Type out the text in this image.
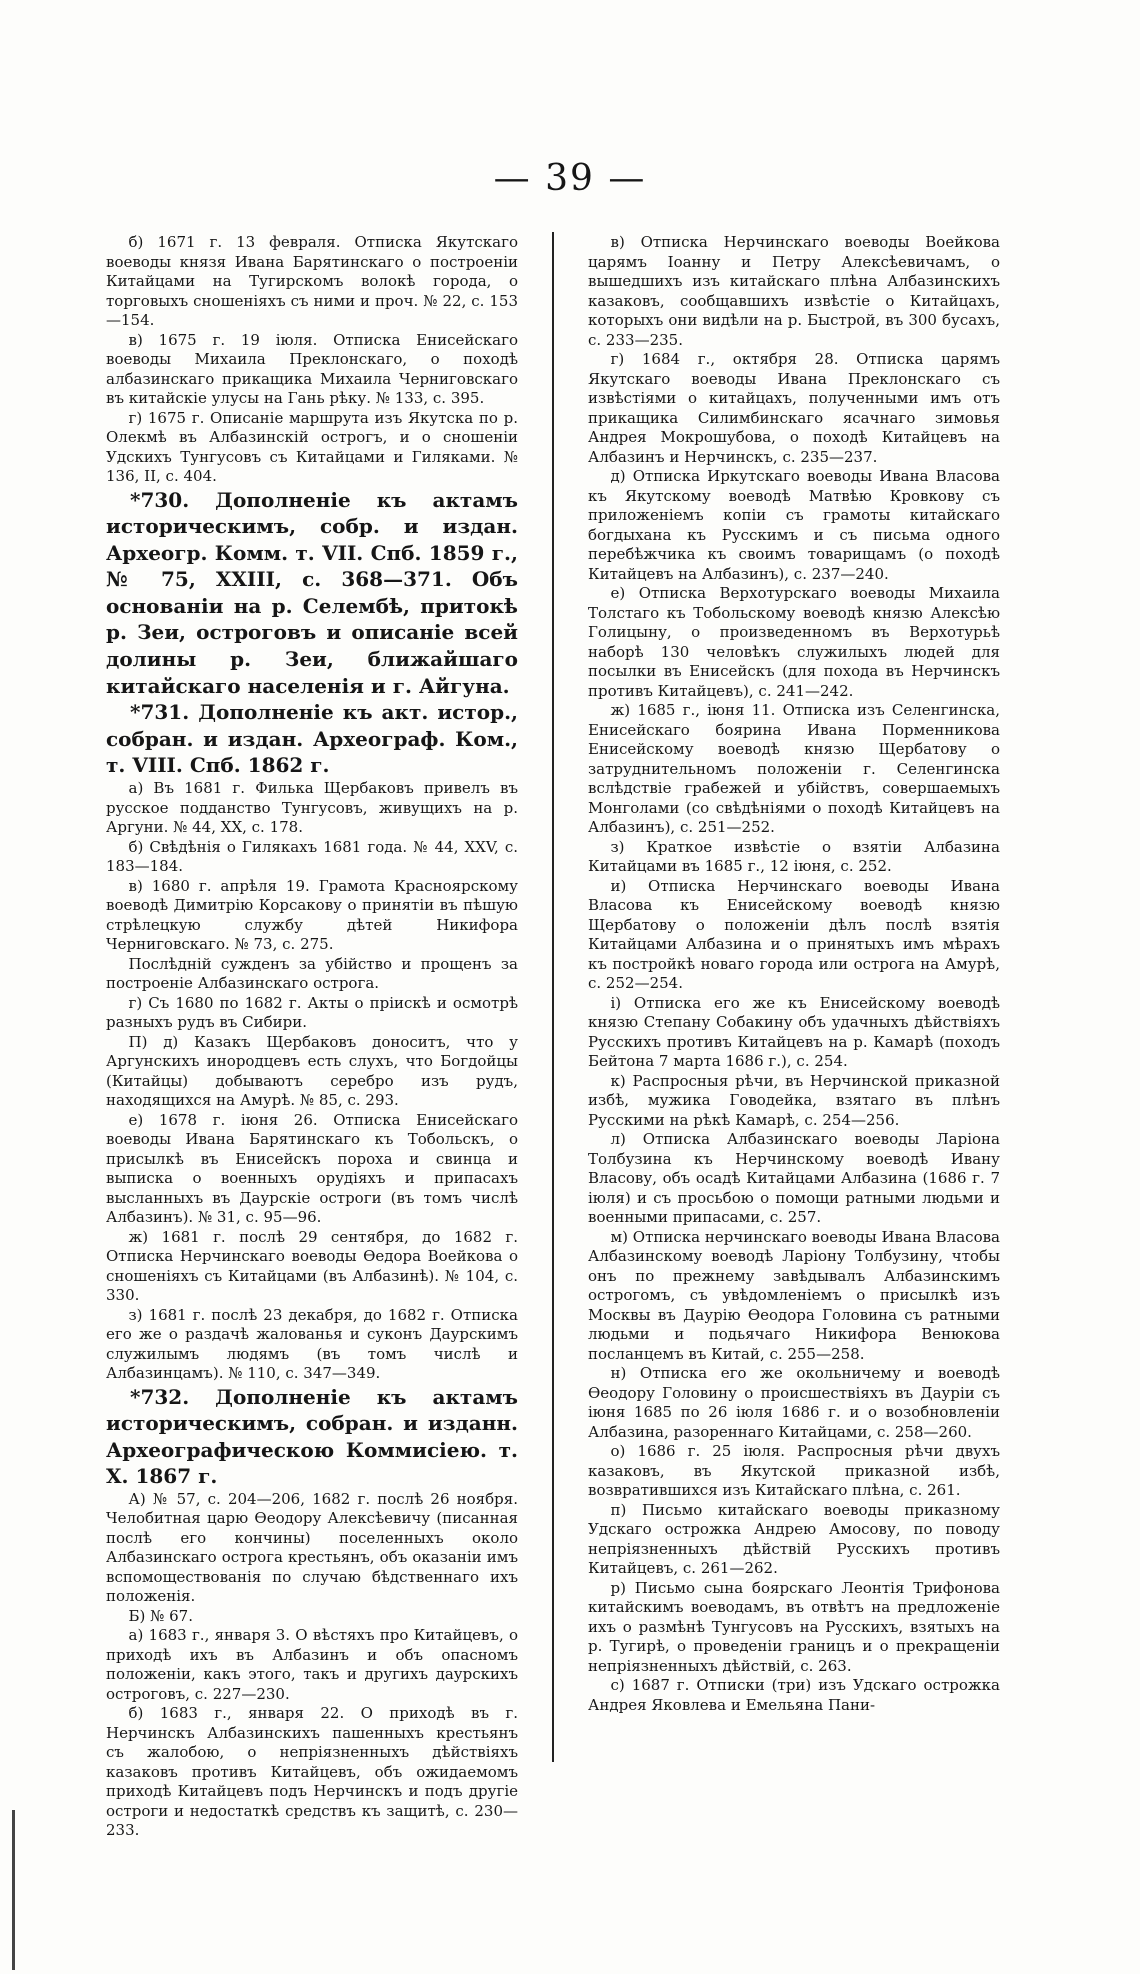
— 39 —

б) 1671 г. 13 февраля. Отписка Якутскаго воеводы князя Ивана Барятинскаго о построеніи Китайцами на Тугирскомъ волокѣ города, о торговыхъ сношеніяхъ съ ними и проч. № 22, с. 153—154.

в) 1675 г. 19 іюля. Отписка Енисейскаго воеводы Михаила Преклонскаго, о походѣ албазинскаго прикащика Михаила Черниговскаго въ китайскіе улусы на Гань рѣку. № 133, с. 395.

г) 1675 г. Описаніе маршрута изъ Якутска по р. Олекмѣ въ Албазинскій острогъ, и о сношеніи Удскихъ Тунгусовъ съ Китайцами и Гиляками. № 136, II, с. 404.

*730. Дополненіе къ актамъ историческимъ, собр. и издан. Археогр. Комм. т. VII. Спб. 1859 г., № 75, XXIII, с. 368—371. Объ основаніи на р. Селембѣ, притокѣ р. Зеи, остроговъ и описаніе всей долины р. Зеи, ближайшаго китайскаго населенія и г. Айгуна.

*731. Дополненіе къ акт. истор., собран. и издан. Археограф. Ком., т. VIII. Спб. 1862 г.

а) Въ 1681 г. Филька Щербаковъ привелъ въ русское подданство Тунгусовъ, живущихъ на р. Аргуни. № 44, XX, с. 178.

б) Свѣдѣнія о Гилякахъ 1681 года. № 44, XXV, с. 183—184.

в) 1680 г. апрѣля 19. Грамота Красноярскому воеводѣ Димитрію Корсакову о принятіи въ пѣшую стрѣлецкую службу дѣтей Никифора Черниговскаго. № 73, с. 275.

Послѣдній сужденъ за убійство и прощенъ за построеніе Албазинскаго острога.

г) Съ 1680 по 1682 г. Акты о пріискѣ и осмотрѣ разныхъ рудъ въ Сибири.

П) д) Казакъ Щербаковъ доноситъ, что у Аргунскихъ инородцевъ есть слухъ, что Богдойцы (Китайцы) добываютъ серебро изъ рудъ, находящихся на Амурѣ. № 85, с. 293.

е) 1678 г. іюня 26. Отписка Енисейскаго воеводы Ивана Барятинскаго къ Тобольскъ, о присылкѣ въ Енисейскъ пороха и свинца и выписка о военныхъ орудіяхъ и припасахъ высланныхъ въ Даурскіе остроги (въ томъ числѣ Албазинъ). № 31, с. 95—96.

ж) 1681 г. послѣ 29 сентября, до 1682 г. Отписка Нерчинскаго воеводы Ѳедора Воейкова о сношеніяхъ съ Китайцами (въ Албазинѣ). № 104, с. 330.

з) 1681 г. послѣ 23 декабря, до 1682 г. Отписка его же о раздачѣ жалованья и суконъ Даурскимъ служилымъ людямъ (въ томъ числѣ и Албазинцамъ). № 110, с. 347—349.

*732. Дополненіе къ актамъ историческимъ, собран. и изданн. Археографическою Коммисіею. т. X. 1867 г.

А) № 57, с. 204—206, 1682 г. послѣ 26 ноября. Челобитная царю Ѳеодору Алексѣевичу (писанная послѣ его кончины) поселенныхъ около Албазинскаго острога крестьянъ, объ оказаніи имъ вспомоществованія по случаю бѣдственнаго ихъ положенія.

Б) № 67.

а) 1683 г., января 3. О вѣстяхъ про Китайцевъ, о приходѣ ихъ въ Албазинъ и объ опасномъ положеніи, какъ этого, такъ и другихъ даурскихъ остроговъ, с. 227—230.

б) 1683 г., января 22. О приходѣ въ г. Нерчинскъ Албазинскихъ пашенныхъ крестьянъ съ жалобою, о непріязненныхъ дѣйствіяхъ казаковъ противъ Китайцевъ, объ ожидаемомъ приходѣ Китайцевъ подъ Нерчинскъ и подъ другіе остроги и недостаткѣ средствъ къ защитѣ, с. 230—233.

в) Отписка Нерчинскаго воеводы Воейкова царямъ Іоанну и Петру Алексѣевичамъ, о вышедшихъ изъ китайскаго плѣна Албазинскихъ казаковъ, сообщавшихъ извѣстіе о Китайцахъ, которыхъ они видѣли на р. Быстрой, въ 300 бусахъ, с. 233—235.

г) 1684 г., октября 28. Отписка царямъ Якутскаго воеводы Ивана Преклонскаго съ извѣстіями о китайцахъ, полученными имъ отъ прикащика Силимбинскаго ясачнаго зимовья Андрея Мокрошубова, о походѣ Китайцевъ на Албазинъ и Нерчинскъ, с. 235—237.

д) Отписка Иркутскаго воеводы Ивана Власова къ Якутскому воеводѣ Матвѣю Кровкову съ приложеніемъ копіи съ грамоты китайскаго богдыхана къ Русскимъ и съ письма одного перебѣжчика къ своимъ товарищамъ (о походѣ Китайцевъ на Албазинъ), с. 237—240.

е) Отписка Верхотурскаго воеводы Михаила Толстаго къ Тобольскому воеводѣ князю Алексѣю Голицыну, о произведенномъ въ Верхотурьѣ наборѣ 130 человѣкъ служилыхъ людей для посылки въ Енисейскъ (для похода въ Нерчинскъ противъ Китайцевъ), с. 241—242.

ж) 1685 г., іюня 11. Отписка изъ Селенгинска, Енисейскаго боярина Ивана Порменникова Енисейскому воеводѣ князю Щербатову о затруднительномъ положеніи г. Селенгинска вслѣдствіе грабежей и убійствъ, совершаемыхъ Монголами (со свѣдѣніями о походѣ Китайцевъ на Албазинъ), с. 251—252.

з) Краткое извѣстіе о взятіи Албазина Китайцами въ 1685 г., 12 іюня, с. 252.

и) Отписка Нерчинскаго воеводы Ивана Власова къ Енисейскому воеводѣ князю Щербатову о положеніи дѣлъ послѣ взятія Китайцами Албазина и о принятыхъ имъ мѣрахъ къ постройкѣ новаго города или острога на Амурѣ, с. 252—254.

і) Отписка его же къ Енисейскому воеводѣ князю Степану Собакину объ удачныхъ дѣйствіяхъ Русскихъ противъ Китайцевъ на р. Камарѣ (походъ Бейтона 7 марта 1686 г.), с. 254.

к) Распросныя рѣчи, въ Нерчинской приказной избѣ, мужика Говодейка, взятаго въ плѣнъ Русскими на рѣкѣ Камарѣ, с. 254—256.

л) Отписка Албазинскаго воеводы Ларіона Толбузина къ Нерчинскому воеводѣ Ивану Власову, объ осадѣ Китайцами Албазина (1686 г. 7 іюля) и съ просьбою о помощи ратными людьми и военными припасами, с. 257.

м) Отписка нерчинскаго воеводы Ивана Власова Албазинскому воеводѣ Ларіону Толбузину, чтобы онъ по прежнему завѣдывалъ Албазинскимъ острогомъ, съ увѣдомленіемъ о присылкѣ изъ Москвы въ Даурію Ѳеодора Головина съ ратными людьми и подьячаго Никифора Венюкова посланцемъ въ Китай, с. 255—258.

н) Отписка его же окольничему и воеводѣ Ѳеодору Головину о происшествіяхъ въ Дауріи съ іюня 1685 по 26 іюля 1686 г. и о возобновленіи Албазина, разореннаго Китайцами, с. 258—260.

о) 1686 г. 25 іюля. Распросныя рѣчи двухъ казаковъ, въ Якутской приказной избѣ, возвратившихся изъ Китайскаго плѣна, с. 261.

п) Письмо китайскаго воеводы приказному Удскаго острожка Андрею Амосову, по поводу непріязненныхъ дѣйствій Русскихъ противъ Китайцевъ, с. 261—262.

р) Письмо сына боярскаго Леонтія Трифонова китайскимъ воеводамъ, въ отвѣтъ на предложеніе ихъ о размѣнѣ Тунгусовъ на Русскихъ, взятыхъ на р. Тугирѣ, о проведеніи границъ и о прекращеніи непріязненныхъ дѣйствій, с. 263.

с) 1687 г. Отписки (три) изъ Удскаго острожка Андрея Яковлева и Емельяна Пани-
